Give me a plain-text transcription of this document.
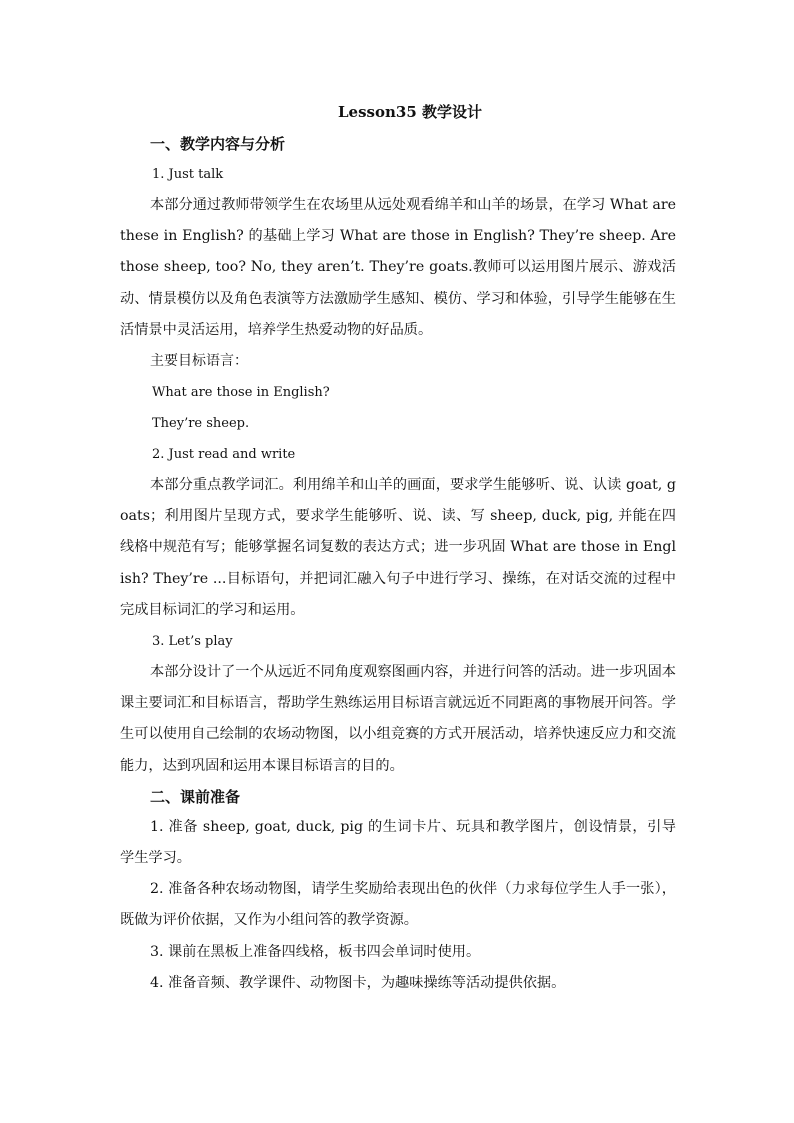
Lesson35 教学设计
一、教学内容与分析
1. Just talk

本部分通过教师带领学生在农场里从远处观看绵羊和山羊的场景，在学习 What are these in English? 的基础上学习 What are those in English? They’re sheep. Are those sheep, too? No, they aren’t. They’re goats.教师可以运用图片展示、游戏活动、情景模仿以及角色表演等方法激励学生感知、模仿、学习和体验，引导学生能够在生活情景中灵活运用，培养学生热爱动物的好品质。

主要目标语言：
What are those in English?
They’re sheep.
2. Just read and write

本部分重点教学词汇。利用绵羊和山羊的画面，要求学生能够听、说、认读 goat, goats；利用图片呈现方式，要求学生能够听、说、读、写 sheep, duck, pig, 并能在四线格中规范有写；能够掌握名词复数的表达方式；进一步巩固 What are those in English? They’re ...目标语句，并把词汇融入句子中进行学习、操练，在对话交流的过程中完成目标词汇的学习和运用。

3. Let’s play

本部分设计了一个从远近不同角度观察图画内容，并进行问答的活动。进一步巩固本课主要词汇和目标语言，帮助学生熟练运用目标语言就远近不同距离的事物展开问答。学生可以使用自己绘制的农场动物图，以小组竞赛的方式开展活动，培养快速反应力和交流能力，达到巩固和运用本课目标语言的目的。

二、课前准备

1. 准备 sheep, goat, duck, pig 的生词卡片、玩具和教学图片，创设情景，引导学生学习。

2. 准备各种农场动物图，请学生奖励给表现出色的伙伴（力求每位学生人手一张），既做为评价依据，又作为小组问答的教学资源。

3. 课前在黑板上准备四线格，板书四会单词时使用。

4. 准备音频、教学课件、动物图卡，为趣味操练等活动提供依据。
